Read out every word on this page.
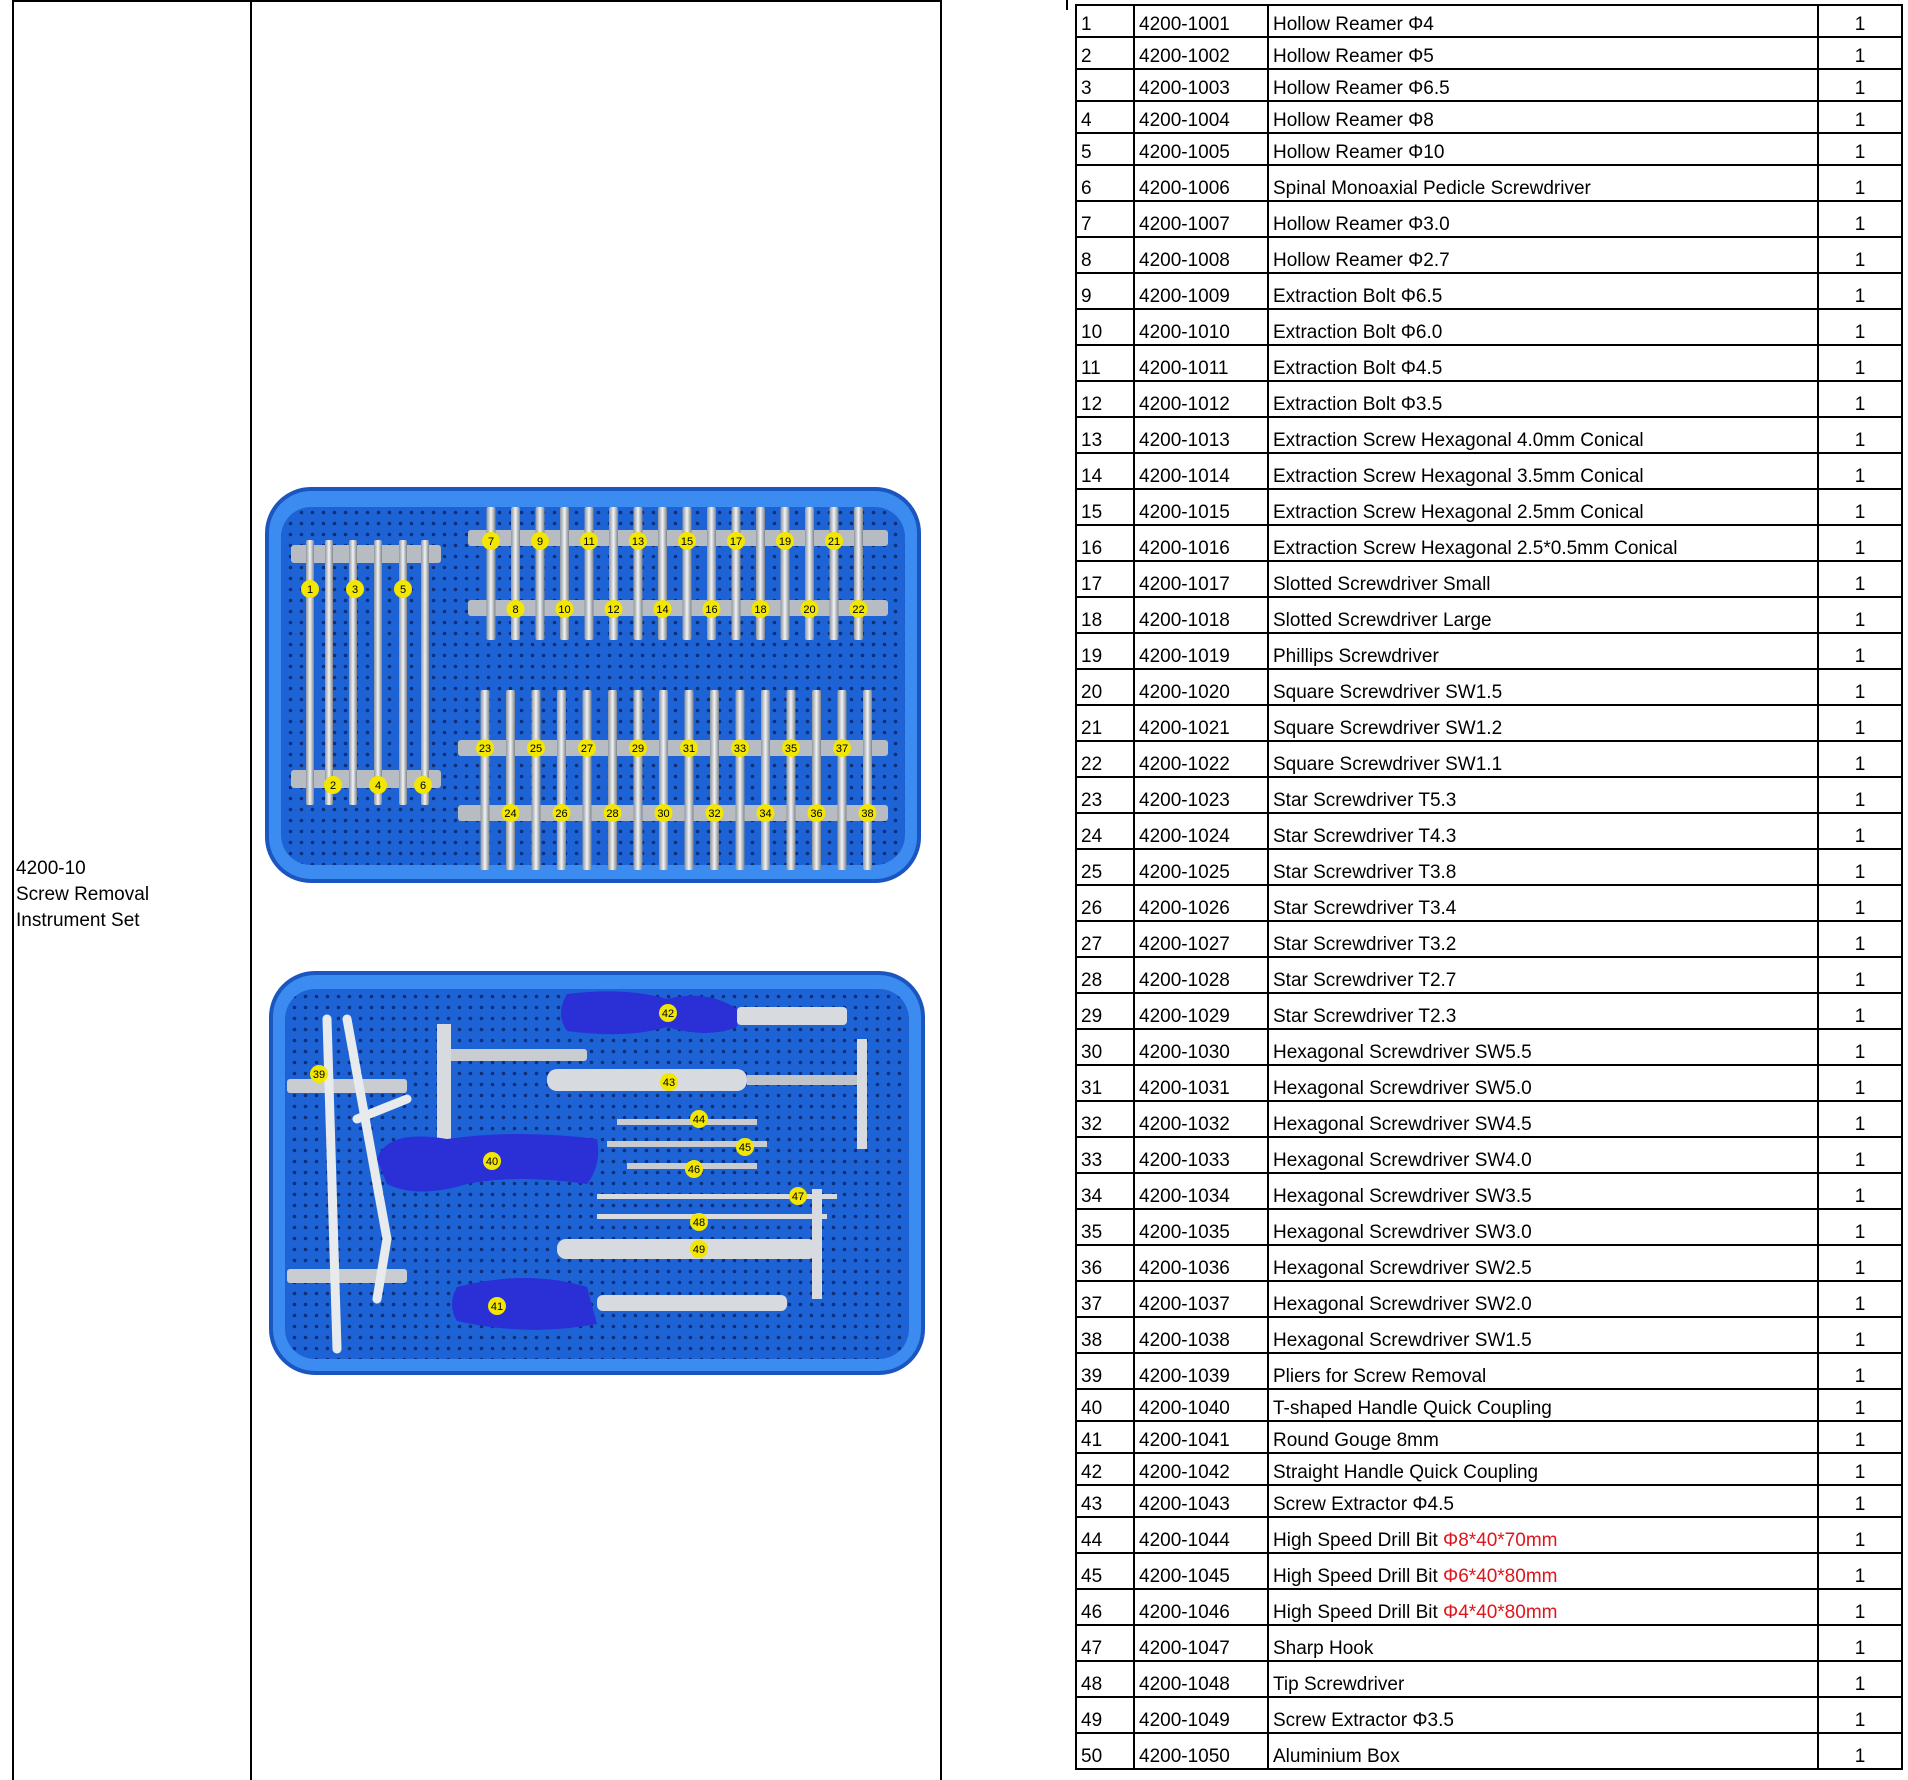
4200-10
Screw Removal
Instrument Set
1
2
3
4
5
6
7
8
9
10
11
12
13
14
15
16
17
18
19
20
21
22
23
24
25
26
27
28
29
30
31
32
33
34
35
36
37
38
39
40
41
42
43
44
45
46
47
48
49
1	4200-1001	Hollow Reamer Φ4	1
2	4200-1002	Hollow Reamer Φ5	1
3	4200-1003	Hollow Reamer Φ6.5	1
4	4200-1004	Hollow Reamer Φ8	1
5	4200-1005	Hollow Reamer Φ10	1
6	4200-1006	Spinal Monoaxial Pedicle Screwdriver	1
7	4200-1007	Hollow Reamer Φ3.0	1
8	4200-1008	Hollow Reamer Φ2.7	1
9	4200-1009	Extraction Bolt Φ6.5	1
10	4200-1010	Extraction Bolt Φ6.0	1
11	4200-1011	Extraction Bolt Φ4.5	1
12	4200-1012	Extraction Bolt Φ3.5	1
13	4200-1013	Extraction Screw Hexagonal 4.0mm Conical	1
14	4200-1014	Extraction Screw Hexagonal 3.5mm Conical	1
15	4200-1015	Extraction Screw Hexagonal 2.5mm Conical	1
16	4200-1016	Extraction Screw Hexagonal 2.5*0.5mm Conical	1
17	4200-1017	Slotted Screwdriver Small	1
18	4200-1018	Slotted Screwdriver Large	1
19	4200-1019	Phillips Screwdriver	1
20	4200-1020	Square Screwdriver SW1.5	1
21	4200-1021	Square Screwdriver SW1.2	1
22	4200-1022	Square Screwdriver SW1.1	1
23	4200-1023	Star Screwdriver T5.3	1
24	4200-1024	Star Screwdriver T4.3	1
25	4200-1025	Star Screwdriver T3.8	1
26	4200-1026	Star Screwdriver T3.4	1
27	4200-1027	Star Screwdriver T3.2	1
28	4200-1028	Star Screwdriver T2.7	1
29	4200-1029	Star Screwdriver T2.3	1
30	4200-1030	Hexagonal Screwdriver SW5.5	1
31	4200-1031	Hexagonal Screwdriver SW5.0	1
32	4200-1032	Hexagonal Screwdriver SW4.5	1
33	4200-1033	Hexagonal Screwdriver SW4.0	1
34	4200-1034	Hexagonal Screwdriver SW3.5	1
35	4200-1035	Hexagonal Screwdriver SW3.0	1
36	4200-1036	Hexagonal Screwdriver SW2.5	1
37	4200-1037	Hexagonal Screwdriver SW2.0	1
38	4200-1038	Hexagonal Screwdriver SW1.5	1
39	4200-1039	Pliers for Screw Removal	1
40	4200-1040	T-shaped Handle Quick Coupling	1
41	4200-1041	Round Gouge 8mm	1
42	4200-1042	Straight Handle Quick Coupling	1
43	4200-1043	Screw Extractor Φ4.5	1
44	4200-1044	High Speed Drill Bit Φ8*40*70mm	1
45	4200-1045	High Speed Drill Bit Φ6*40*80mm	1
46	4200-1046	High Speed Drill Bit Φ4*40*80mm	1
47	4200-1047	Sharp Hook	1
48	4200-1048	Tip Screwdriver	1
49	4200-1049	Screw Extractor Φ3.5	1
50	4200-1050	Aluminium Box	1
